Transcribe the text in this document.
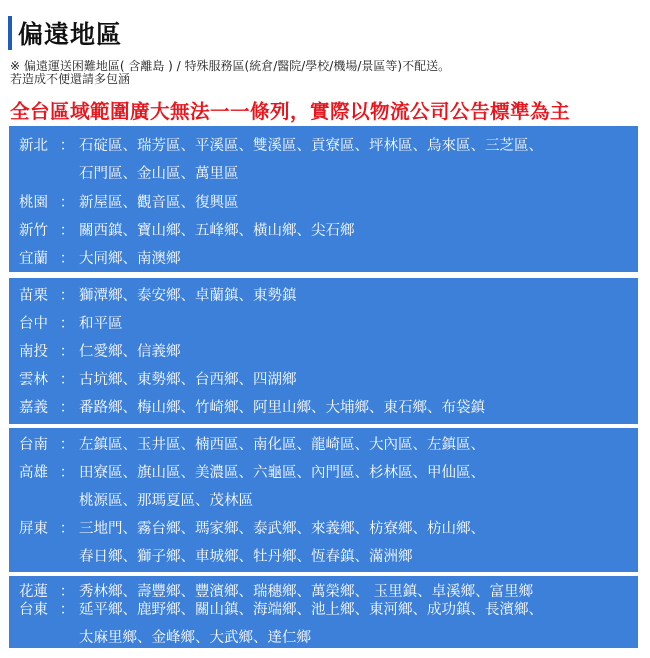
偏遠地區
※ 偏遠運送困難地區( 含離島 ) / 特殊服務區(統倉/醫院/學校/機場/景區等)不配送。
若造成不便還請多包涵
全台區域範圍廣大無法一一條列，實際以物流公司公告標準為主
新北 ： 石碇區、瑞芳區、平溪區、雙溪區、貢寮區、坪林區、烏來區、三芝區、
石門區、金山區、萬里區
桃園 ： 新屋區、觀音區、復興區
新竹 ： 關西鎮、寶山鄉、五峰鄉、橫山鄉、尖石鄉
宜蘭 ： 大同鄉、南澳鄉
苗栗 ： 獅潭鄉、泰安鄉、卓蘭鎮、東勢鎮
台中 ： 和平區
南投 ： 仁愛鄉、信義鄉
雲林 ： 古坑鄉、東勢鄉、台西鄉、四湖鄉
嘉義 ： 番路鄉、梅山鄉、竹崎鄉、阿里山鄉、大埔鄉、東石鄉、布袋鎮
台南 ： 左鎮區、玉井區、楠西區、南化區、龍崎區、大內區、左鎮區、
高雄 ： 田寮區、旗山區、美濃區、六龜區、內門區、杉林區、甲仙區、
桃源區、那瑪夏區、茂林區
屏東 ： 三地門、霧台鄉、瑪家鄉、泰武鄉、來義鄉、枋寮鄉、枋山鄉、
春日鄉、獅子鄉、車城鄉、牡丹鄉、恆春鎮、滿洲鄉
花蓮 ： 秀林鄉、壽豐鄉、豐濱鄉、瑞穗鄉、萬榮鄉、 玉里鎮、卓溪鄉、富里鄉
台東 ： 延平鄉、鹿野鄉、關山鎮、海端鄉、池上鄉、東河鄉、成功鎮、長濱鄉、
太麻里鄉、金峰鄉、大武鄉、達仁鄉
